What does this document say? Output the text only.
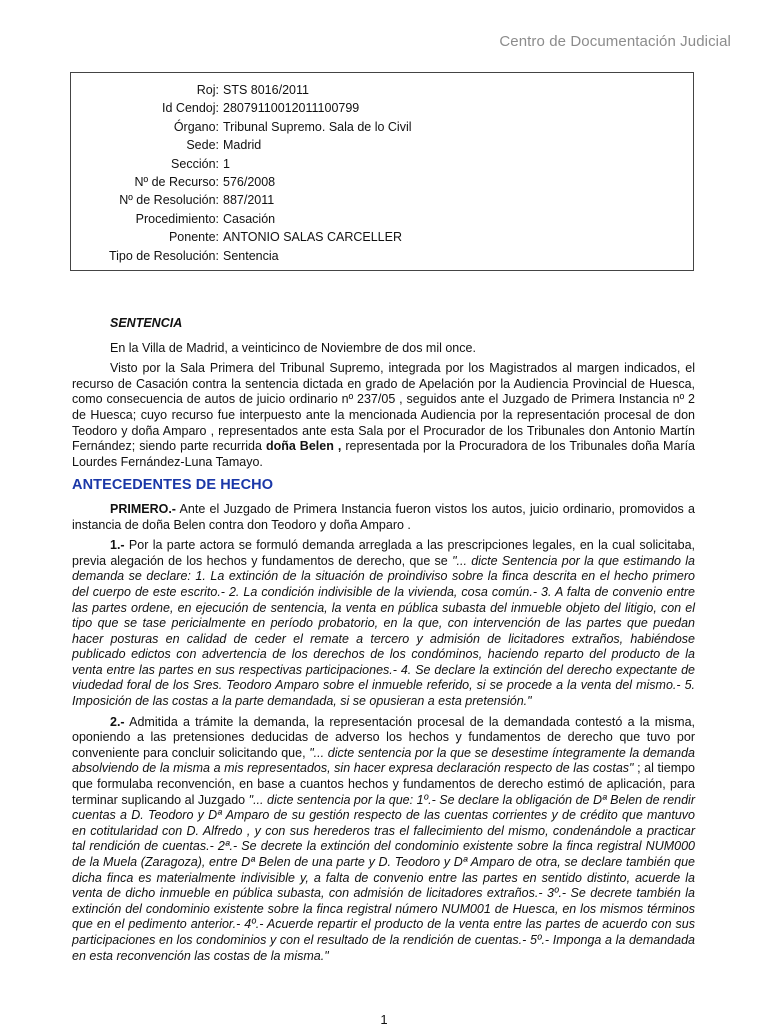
Centro de Documentación Judicial
Roj: STS 8016/2011
Id Cendoj: 28079110012011100799
Órgano: Tribunal Supremo. Sala de lo Civil
Sede: Madrid
Sección: 1
Nº de Recurso: 576/2008
Nº de Resolución: 887/2011
Procedimiento: Casación
Ponente: ANTONIO SALAS CARCELLER
Tipo de Resolución: Sentencia

SENTENCIA

En la Villa de Madrid, a veinticinco de Noviembre de dos mil once.

Visto por la Sala Primera del Tribunal Supremo, integrada por los Magistrados al margen indicados, el recurso de Casación contra la sentencia dictada en grado de Apelación por la Audiencia Provincial de Huesca, como consecuencia de autos de juicio ordinario nº 237/05 , seguidos ante el Juzgado de Primera Instancia nº 2 de Huesca; cuyo recurso fue interpuesto ante la mencionada Audiencia por la representación procesal de don Teodoro y doña Amparo , representados ante esta Sala por el Procurador de los Tribunales don Antonio Martín Fernández; siendo parte recurrida doña Belen , representada por la Procuradora de los Tribunales doña María Lourdes Fernández-Luna Tamayo.

ANTECEDENTES DE HECHO

PRIMERO.- Ante el Juzgado de Primera Instancia fueron vistos los autos, juicio ordinario, promovidos a instancia de doña Belen contra don Teodoro y doña Amparo .

1.- Por la parte actora se formuló demanda arreglada a las prescripciones legales, en la cual solicitaba, previa alegación de los hechos y fundamentos de derecho, que se "... dicte Sentencia por la que estimando la demanda se declare: 1. La extinción de la situación de proindiviso sobre la finca descrita en el hecho primero del cuerpo de este escrito.- 2. La condición indivisible de la vivienda, cosa común.- 3. A falta de convenio entre las partes ordene, en ejecución de sentencia, la venta en pública subasta del inmueble objeto del litigio, con el tipo que se tase pericialmente en período probatorio, en la que, con intervención de las partes que puedan hacer posturas en calidad de ceder el remate a tercero y admisión de licitadores extraños, habiéndose publicado edictos con advertencia de los derechos de los condóminos, haciendo reparto del producto de la venta entre las partes en sus respectivas participaciones.- 4. Se declare la extinción del derecho expectante de viudedad foral de los Sres. Teodoro Amparo sobre el inmueble referido, si se procede a la venta del mismo.- 5. Imposición de las costas a la parte demandada, si se opusieran a esta pretensión."

2.- Admitida a trámite la demanda, la representación procesal de la demandada contestó a la misma, oponiendo a las pretensiones deducidas de adverso los hechos y fundamentos de derecho que tuvo por conveniente para concluir solicitando que, "... dicte sentencia por la que se desestime íntegramente la demanda absolviendo de la misma a mis representados, sin hacer expresa declaración respecto de las costas" ; al tiempo que formulaba reconvención, en base a cuantos hechos y fundamentos de derecho estimó de aplicación, para terminar suplicando al Juzgado "... dicte sentencia por la que: 1º.- Se declare la obligación de Dª Belen de rendir cuentas a D. Teodoro y Dª Amparo de su gestión respecto de las cuentas corrientes y de crédito que mantuvo en cotitularidad con D. Alfredo , y con sus herederos tras el fallecimiento del mismo, condenándole a practicar tal rendición de cuentas.- 2ª.- Se decrete la extinción del condominio existente sobre la finca registral NUM000 de la Muela (Zaragoza), entre Dª Belen de una parte y D. Teodoro y Dª Amparo de otra, se declare también que dicha finca es materialmente indivisible y, a falta de convenio entre las partes en sentido distinto, acuerde la venta de dicho inmueble en pública subasta, con admisión de licitadores extraños.- 3º.- Se decrete también la extinción del condominio existente sobre la finca registral número NUM001 de Huesca, en los mismos términos que en el pedimento anterior.- 4º.- Acuerde repartir el producto de la venta entre las partes de acuerdo con sus participaciones en los condominios y con el resultado de la rendición de cuentas.- 5º.- Imponga a la demandada en esta reconvención las costas de la misma."

1
